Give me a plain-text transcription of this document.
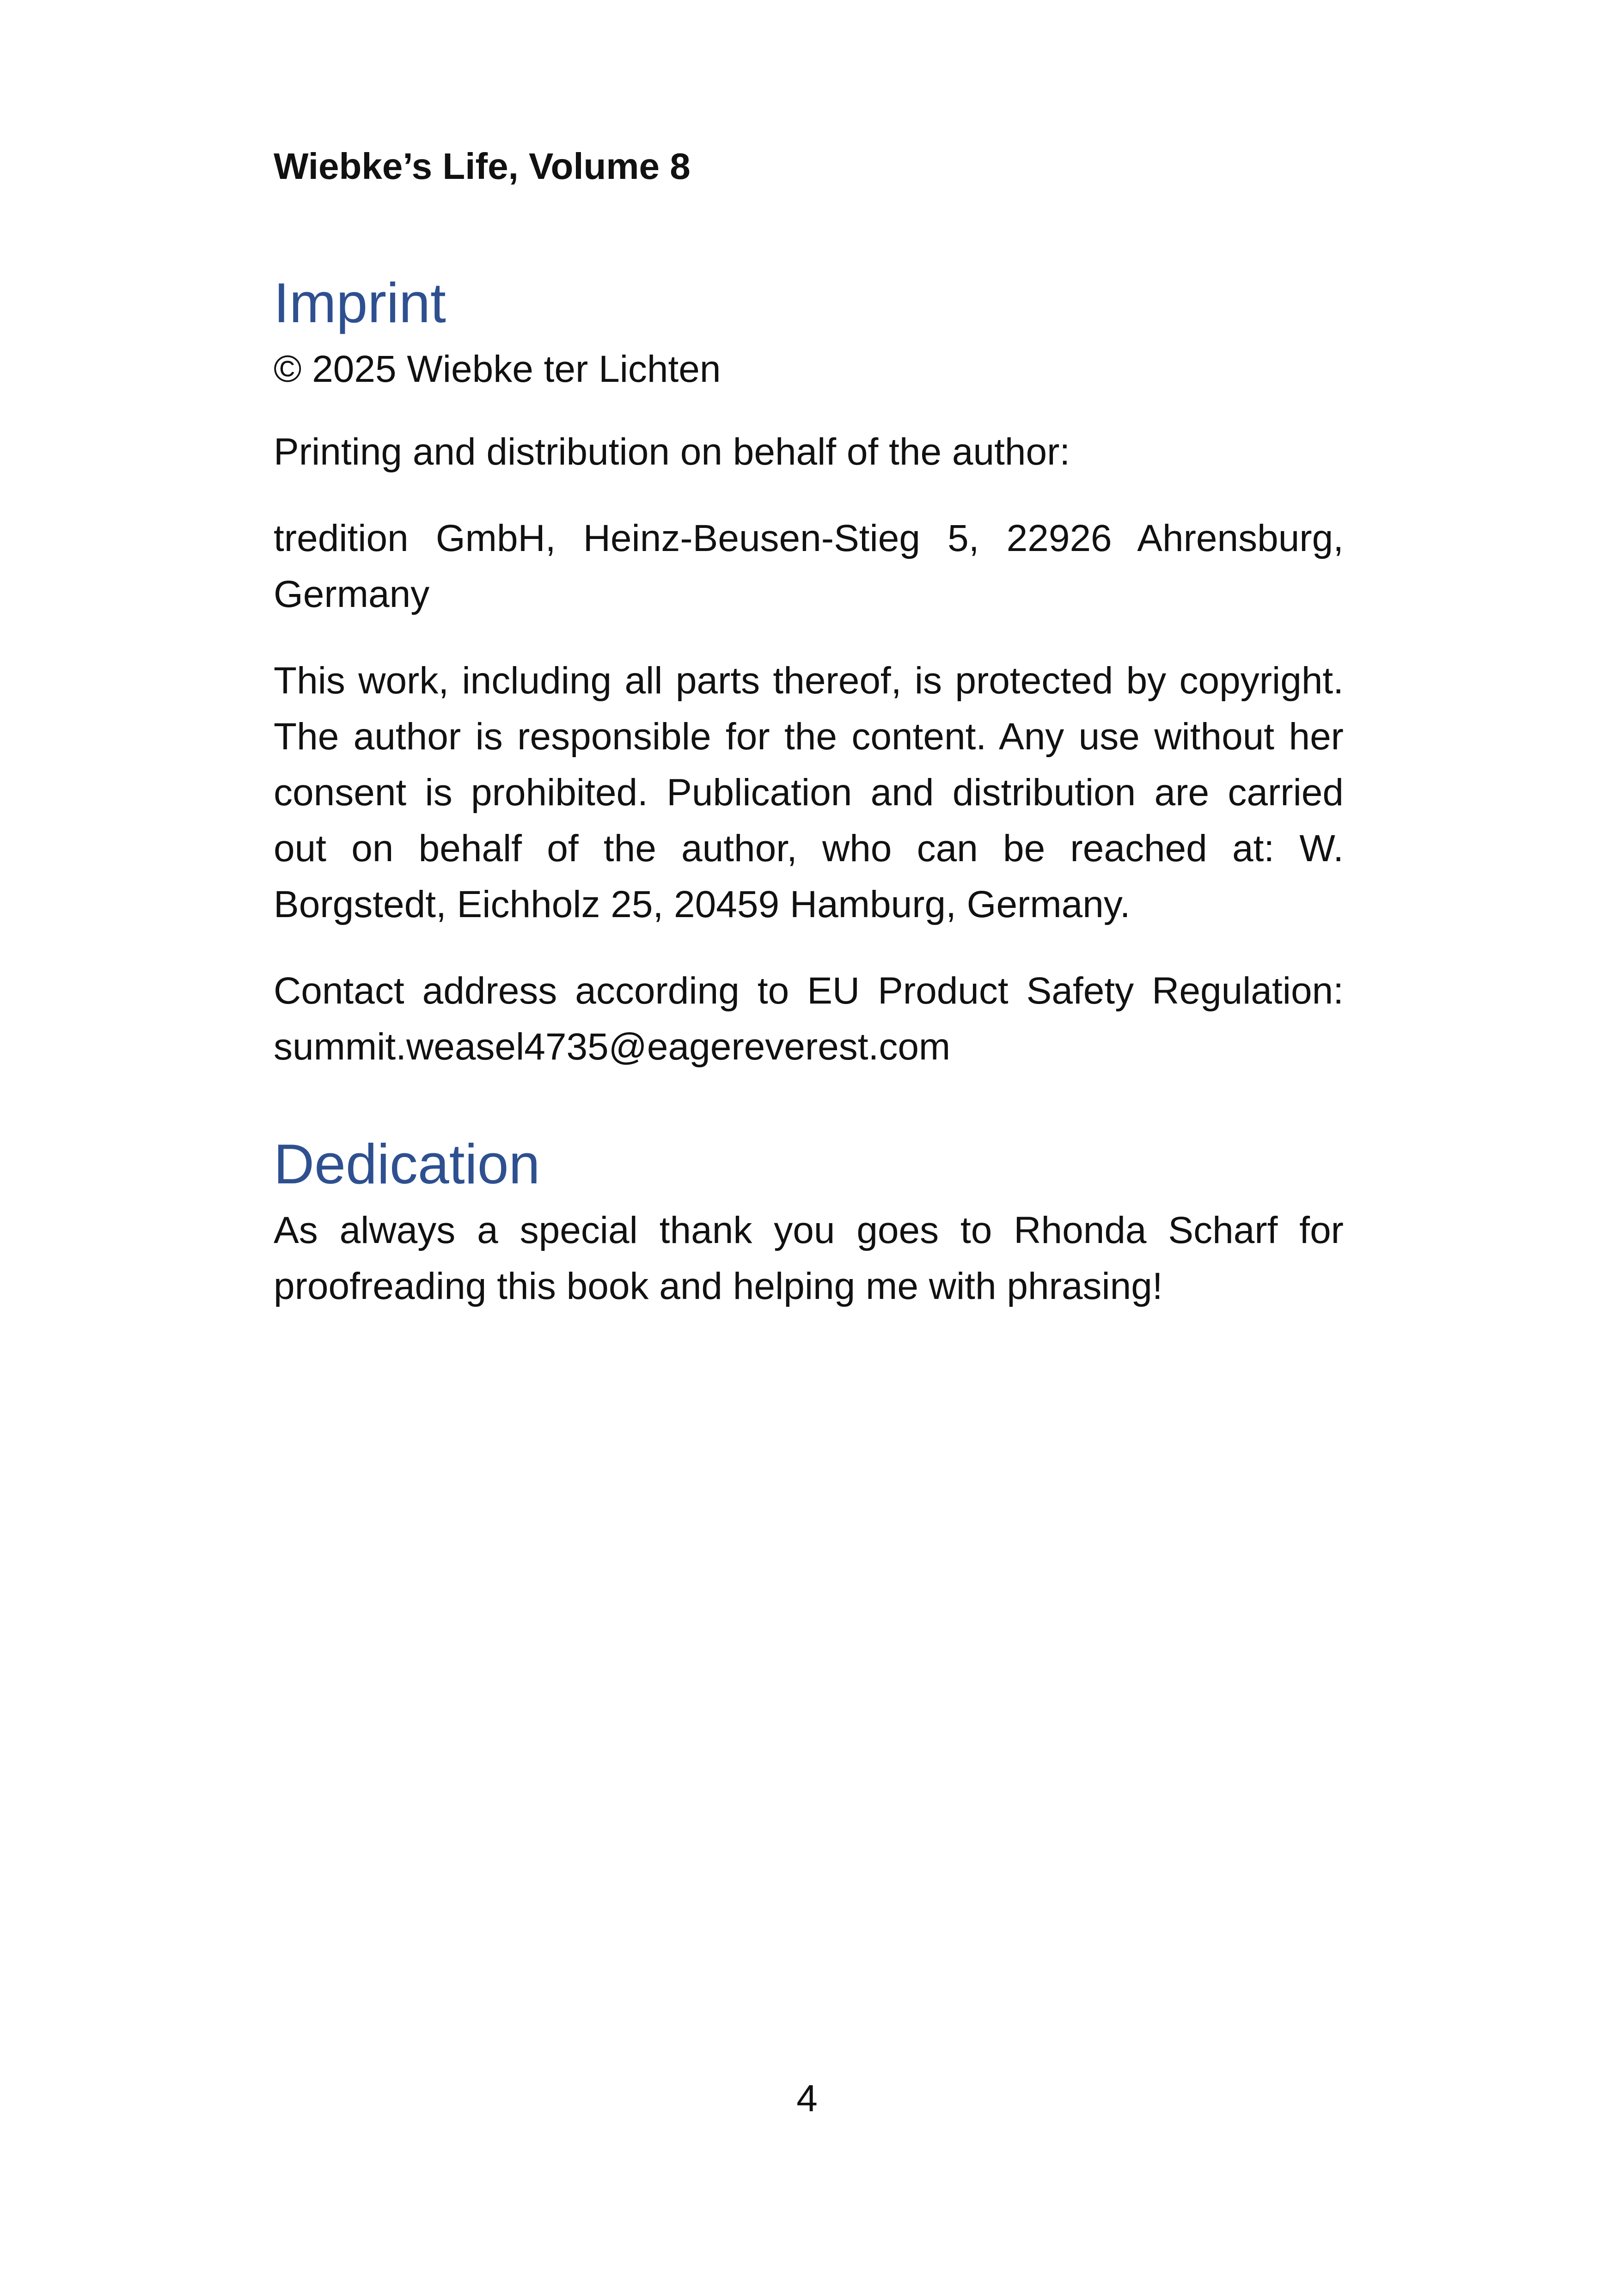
Wiebke’s Life, Volume 8
Imprint

© 2025 Wiebke ter Lichten

Printing and distribution on behalf of the author:

tredition GmbH, Heinz-Beusen-Stieg 5, 22926 Ahrensburg, Germany

This work, including all parts thereof, is protected by copyright. The author is responsible for the content. Any use without her consent is prohibited. Publication and distribution are carried out on behalf of the author, who can be reached at: W. Borgstedt, Eichholz 25, 20459 Hamburg, Germany.

Contact address according to EU Product Safety Regulation: summit.weasel4735@eagereverest.com

Dedication

As always a special thank you goes to Rhonda Scharf for proofreading this book and helping me with phrasing!

4
